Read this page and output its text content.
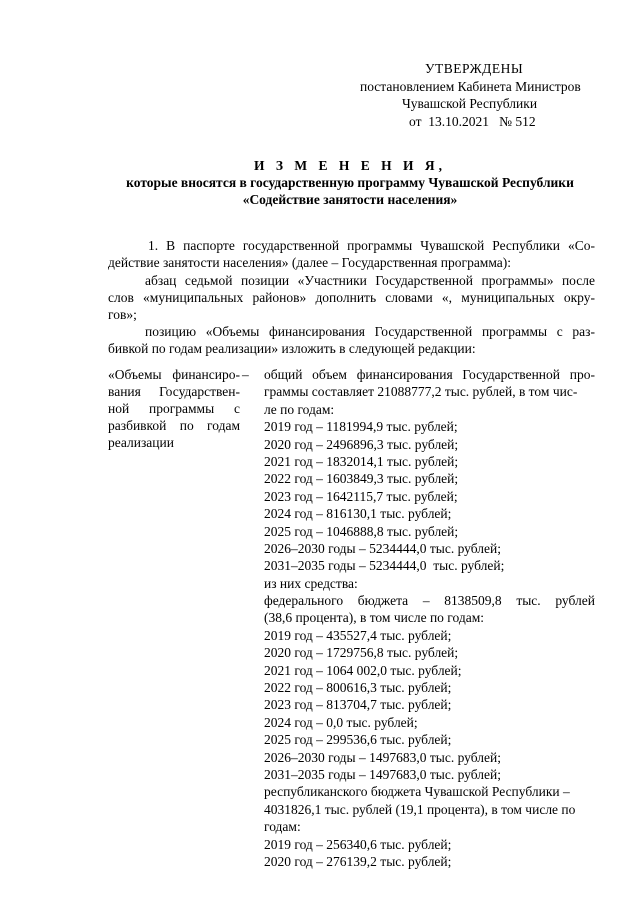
УТВЕРЖДЕНЫ
постановлением Кабинета Министров
Чувашской Республики
от  13.10.2021   № 512
И З М Е Н Е Н И Я,
которые вносятся в государственную программу Чувашской Республики
«Содействие занятости населения»
1. В паспорте государственной программы Чувашской Республики «Со-
действие занятости населения» (далее – Государственная программа):
абзац седьмой позиции «Участники Государственной программы» после
слов «муниципальных районов» дополнить словами «, муниципальных окру-
гов»;
позицию «Объемы финансирования Государственной программы с раз-
бивкой по годам реализации» изложить в следующей редакции:
«Объемы финансиро-
вания Государствен-
ной программы с
разбивкой по годам
реализации
– общий объем финансирования Государственной про-
граммы составляет 21088777,2 тыс. рублей, в том чис-
ле по годам:
2019 год – 1181994,9 тыс. рублей;
2020 год – 2496896,3 тыс. рублей;
2021 год – 1832014,1 тыс. рублей;
2022 год – 1603849,3 тыс. рублей;
2023 год – 1642115,7 тыс. рублей;
2024 год – 816130,1 тыс. рублей;
2025 год – 1046888,8 тыс. рублей;
2026–2030 годы – 5234444,0 тыс. рублей;
2031–2035 годы – 5234444,0  тыс. рублей;
из них средства:
федерального бюджета – 8138509,8 тыс. рублей
(38,6 процента), в том числе по годам:
2019 год – 435527,4 тыс. рублей;
2020 год – 1729756,8 тыс. рублей;
2021 год – 1064 002,0 тыс. рублей;
2022 год – 800616,3 тыс. рублей;
2023 год – 813704,7 тыс. рублей;
2024 год – 0,0 тыс. рублей;
2025 год – 299536,6 тыс. рублей;
2026–2030 годы – 1497683,0 тыс. рублей;
2031–2035 годы – 1497683,0 тыс. рублей;
республиканского бюджета Чувашской Республики –
4031826,1 тыс. рублей (19,1 процента), в том числе по
годам:
2019 год – 256340,6 тыс. рублей;
2020 год – 276139,2 тыс. рублей;
